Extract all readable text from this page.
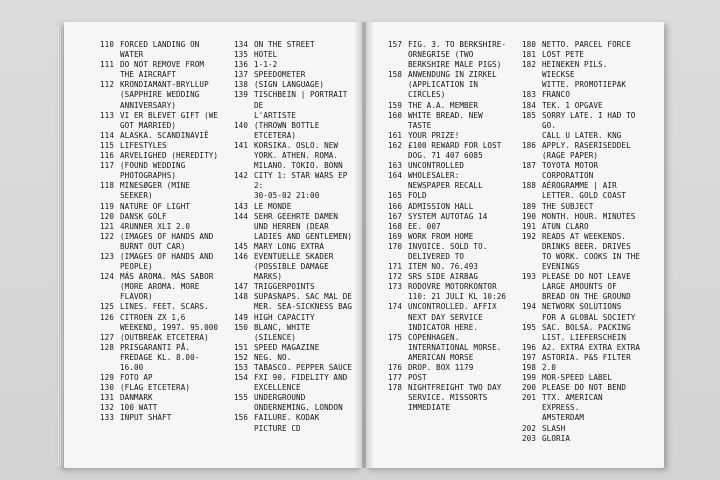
110 FORCED LANDING ON
WATER
111 DO NOT REMOVE FROM
THE AIRCRAFT
112 KRONDIAMANT-BRYLLUP
(SAPPHIRE WEDDING
ANNIVERSARY)
113 VI ER BLEVET GIFT (WE
GOT MARRIED)
114 ALASKA. SCANDINAVIÊ
115 LIFESTYLES
116 ARVELIGHED (HEREDITY)
117 (FOUND WEDDING
PHOTOGRAPHS)
118 MINESØGER (MINE
SEEKER)
119 NATURE OF LIGHT
120 DANSK GOLF
121 4RUNNER XLI 2.0
122 (IMAGES OF HANDS AND
BURNT OUT CAR)
123 (IMAGES OF HANDS AND
PEOPLE)
124 MÁS AROMA. MÁS SABOR
(MORE AROMA. MORE
FLAVOR)
125 LINES. FEET. SCARS.
126 CITROEN ZX 1,6
WEEKEND, 1997. 95.000
127 (OUTBREAK ETCETERA)
128 PRISGARANTI PÅ.
FREDAGE KL. 8.00-16.00
129 FOTO AP
130 (FLAG ETCETERA)
131 DANMARK
132 100 WATT
133 INPUT SHAFT
134 ON THE STREET
135 HOTEL
136 1-1-2
137 SPEEDOMETER
138 (SIGN LANGUAGE)
139 TISCHBEIN | PORTRAIT DE
L'ARTISTE
140 (THROWN BOTTLE
ETCETERA)
141 KORSIKA. OSLO. NEW
YORK. ATHEN. ROMA.
MILANO. TOKIO. BONN
142 CITY 1: STAR WARS EP 2:
30-05-02 21:00
143 LE MONDE
144 SEHR GEEHRTE DAMEN
UND HERREN (DEAR
LADIES AND GENTLEMEN)
145 MARY LONG EXTRA
146 EVENTUELLE SKADER
(POSSIBLE DAMAGE
MARKS)
147 TRIGGERPOINTS
148 SUPASNAPS. SAC MAL DE
MER. SEA-SICKNESS BAG
149 HIGH CAPACITY
150 BLANC, WHITE (SILENCE)
151 SPEED MAGAZINE
152 NEG. NO.
153 TABASCO. PEPPER SAUCE
154 FXI 90. FIDELITY AND
EXCELLENCE
155 UNDERGROUND
ONDERNEMING. LONDON
156 FAILURE. KODAK
PICTURE CD
157 FIG. 3. TO BERKSHIRE-
ORNEGRISE (TWO
BERKSHIRE MALE PIGS)
158 ANWENDUNG IN ZIRKEL
(APPLICATION IN
CIRCLES)
159 THE A.A. MEMBER
160 WHITE BREAD. NEW
TASTE
161 YOUR PRIZE!
162 £100 REWARD FOR LOST
DOG. 71 407 6085
163 UNCONTROLLED
164 WHOLESALER:
NEWSPAPER RECALL
165 FOLD
166 ADMISSION HALL
167 SYSTEM AUTOTAG 14
168 EE. 007
169 WORK FROM HOME
170 INVOICE. SOLD TO.
DELIVERED TO
171 ITEM NO. 76.493
172 SRS SIDE AIRBAG
173 RODOVRE MOTORKONTOR
110: 21 JULI KL 10:26
174 UNCONTROLLED. AFFIX
NEXT DAY SERVICE
INDICATOR HERE.
175 COPENHAGEN.
INTERNATIONAL MORSE.
AMERICAN MORSE
176 DROP. BOX 1179
177 POST
178 NIGHTFREIGHT TWO DAY
SERVICE. MISSORTS
IMMEDIATE
180 NETTO. PARCEL FORCE
181 LOST PETE
182 HEINEKEN PILS. WIECKSE
WITTE. PROMOTIEPAK
183 FRANCO
184 TEK. 1 OPGAVE
185 SORRY LATE. I HAD TO GO.
CALL U LATER. KNG
186 APPLY. RASERISEDDEL
(RAGE PAPER)
187 TOYOTA MOTOR
CORPORATION
188 AÉROGRAMME | AIR
LETTER. GOLD COAST
189 THE SUBJECT
190 MONTH. HOUR. MINUTES
191 ATUN CLARO
192 READS AT WEEKENDS.
DRINKS BEER. DRIVES
TO WORK. COOKS IN THE
EVENINGS
193 PLEASE DO NOT LEAVE
LARGE AMOUNTS OF
BREAD ON THE GROUND
194 NETWORK SOLUTIONS
FOR A GLOBAL SOCIETY
195 SAC. BOLSA. PACKING
LIST. LIEFERSCHEIN
196 A2. EXTRA EXTRA EXTRA
197 ASTORIA. P&S FILTER
198 2.0
199 MOR-SPEED LABEL
200 PLEASE DO NOT BEND
201 TTX. AMERICAN EXPRESS.
AMSTERDAM
202 SLASH
203 GLORIA
